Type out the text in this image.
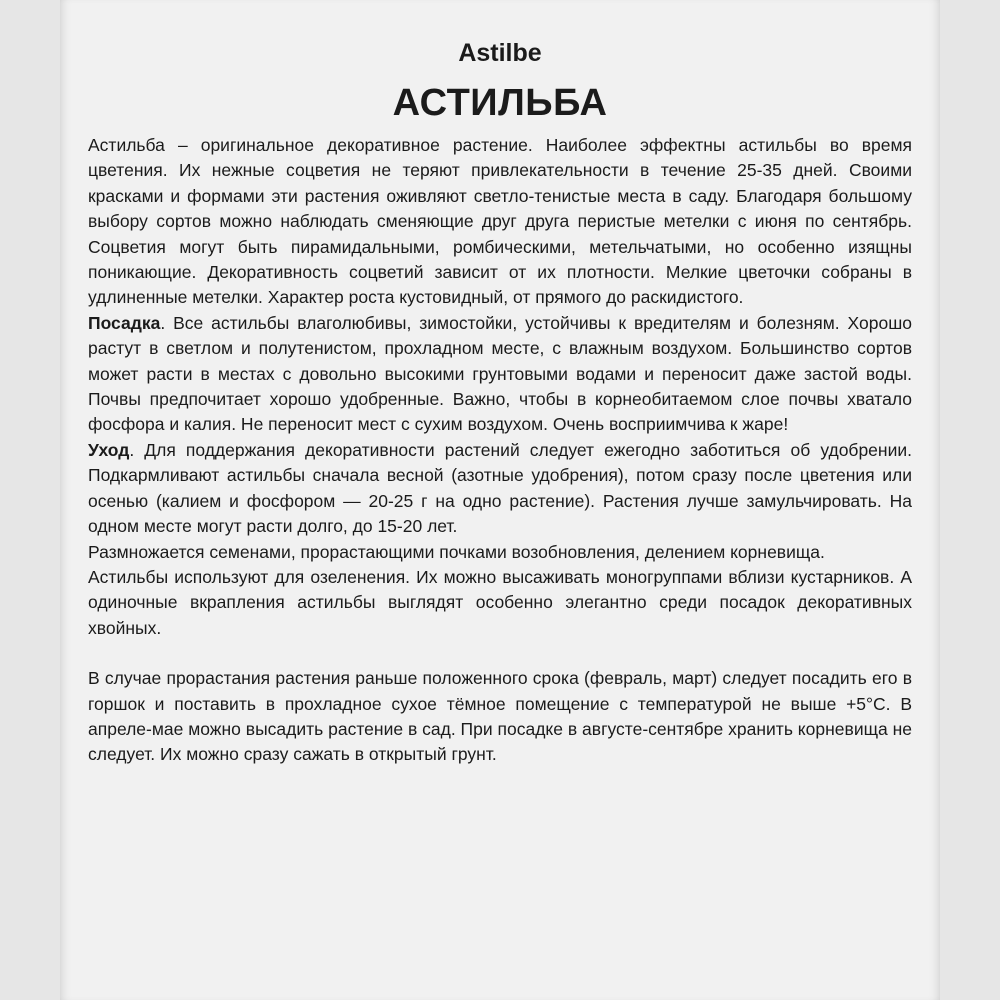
Astilbe
АСТИЛЬБА

Астильба – оригинальное декоративное растение. Наиболее эффектны астильбы во время цветения. Их нежные соцветия не теряют привлекательности в течение 25-35 дней. Своими красками и формами эти растения оживляют светло-тенистые места в саду. Благодаря большому выбору сортов можно наблюдать сменяющие друг друга перистые метелки с июня по сентябрь. Соцветия могут быть пирамидальными, ромбическими, метельчатыми, но особенно изящны поникающие. Декоративность соцветий зависит от их плотности. Мелкие цветочки собраны в удлиненные метелки. Характер роста кустовидный, от прямого до раскидистого.

Посадка. Все астильбы влаголюбивы, зимостойки, устойчивы к вредителям и болезням. Хорошо растут в светлом и полутенистом, прохладном месте, с влажным воздухом. Большинство сортов может расти в местах с довольно высокими грунтовыми водами и переносит даже застой воды. Почвы предпочитает хорошо удобренные. Важно, чтобы в корнеобитаемом слое почвы хватало фосфора и калия. Не переносит мест с сухим воздухом. Очень восприимчива к жаре!

Уход. Для поддержания декоративности растений следует ежегодно заботиться об удобрении. Подкармливают астильбы сначала весной (азотные удобрения), потом сразу после цветения или осенью (калием и фосфором — 20-25 г на одно растение). Растения лучше замульчировать. На одном месте могут расти долго, до 15-20 лет.

Размножается семенами, прорастающими почками возобновления, делением корневища.

Астильбы используют для озеленения. Их можно высаживать моногруппами вблизи кустарников. А одиночные вкрапления астильбы выглядят особенно элегантно среди посадок декоративных хвойных.

В случае прорастания растения раньше положенного срока (февраль, март) следует посадить его в горшок и поставить в прохладное сухое тёмное помещение с температурой не выше +5°С. В апреле-мае можно высадить растение в сад. При посадке в августе-сентябре хранить корневища не следует. Их можно сразу сажать в открытый грунт.
